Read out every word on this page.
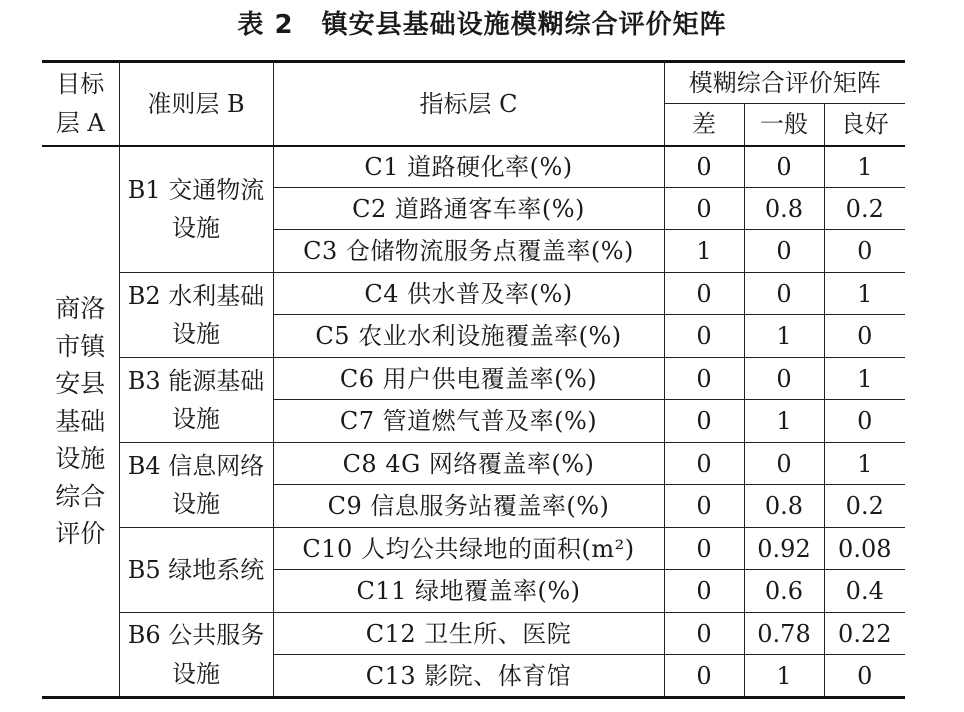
表 2 镇安县基础设施模糊综合评价矩阵
目标层 A	准则层 B	指标层 C	模糊综合评价矩阵		
			差	一般	良好
商洛市镇安县基础设施综合评价	B1 交通物流设施	C1 道路硬化率(%)	0	0	1
		C2 道路通客车率(%)	0	0.8	0.2
		C3 仓储物流服务点覆盖率(%)	1	0	0
	B2 水利基础设施	C4 供水普及率(%)	0	0	1
		C5 农业水利设施覆盖率(%)	0	1	0
	B3 能源基础设施	C6 用户供电覆盖率(%)	0	0	1
		C7 管道燃气普及率(%)	0	1	0
	B4 信息网络设施	C8 4G 网络覆盖率(%)	0	0	1
		C9 信息服务站覆盖率(%)	0	0.8	0.2
	B5 绿地系统	C10 人均公共绿地的面积(m²)	0	0.92	0.08
		C11 绿地覆盖率(%)	0	0.6	0.4
	B6 公共服务设施	C12 卫生所、医院	0	0.78	0.22
		C13 影院、体育馆	0	1	0
